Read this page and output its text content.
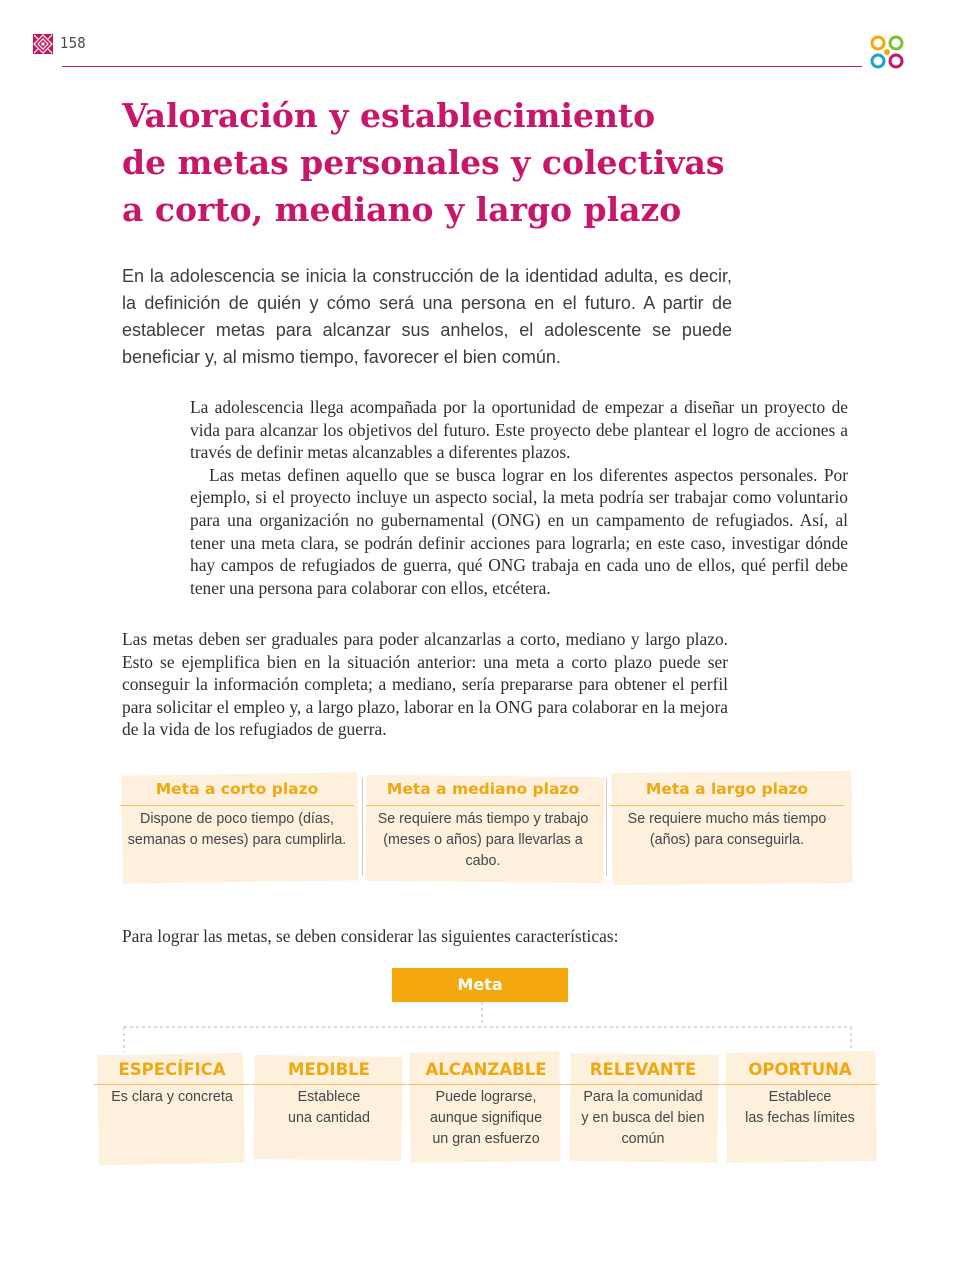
158
Valoración y establecimiento
de metas personales y colectivas
a corto, mediano y largo plazo

En la adolescencia se inicia la construcción de la identidad adulta, es decir, la definición de quién y cómo será una persona en el futuro. A partir de establecer metas para alcanzar sus anhelos, el adolescente se puede beneficiar y, al mismo tiempo, favorecer el bien común.

La adolescencia llega acompañada por la oportunidad de empezar a diseñar un proyecto de vida para alcanzar los objetivos del futuro. Este proyecto debe plantear el logro de acciones a través de definir metas alcanzables a diferentes plazos.

Las metas definen aquello que se busca lograr en los diferentes aspectos personales. Por ejemplo, si el proyecto incluye un aspecto social, la meta podría ser trabajar como voluntario para una organización no gubernamental (ONG) en un campamento de refugiados. Así, al tener una meta clara, se podrán definir acciones para lograrla; en este caso, investigar dónde hay campos de refugiados de guerra, qué ONG trabaja en cada uno de ellos, qué perfil debe tener una persona para colaborar con ellos, etcétera.

Las metas deben ser graduales para poder alcanzarlas a corto, mediano y largo plazo. Esto se ejemplifica bien en la situación anterior: una meta a corto plazo puede ser conseguir la información completa; a mediano, sería prepararse para obtener el perfil para solicitar el empleo y, a largo plazo, laborar en la ONG para colaborar en la mejora de la vida de los refugiados de guerra.

Meta a corto plazo

Dispone de poco tiempo (días, semanas o meses) para cumplirla.

Meta a mediano plazo

Se requiere más tiempo y trabajo (meses o años) para llevarlas a cabo.

Meta a largo plazo

Se requiere mucho más tiempo (años) para conseguirla.

Para lograr las metas, se deben considerar las siguientes características:

Meta
ESPECÍFICA

Es clara y concreta

MEDIBLE

Establece
una cantidad

ALCANZABLE

Puede lograrse,
aunque signifique
un gran esfuerzo

RELEVANTE

Para la comunidad
y en busca del bien
común

OPORTUNA

Establece
las fechas límites
